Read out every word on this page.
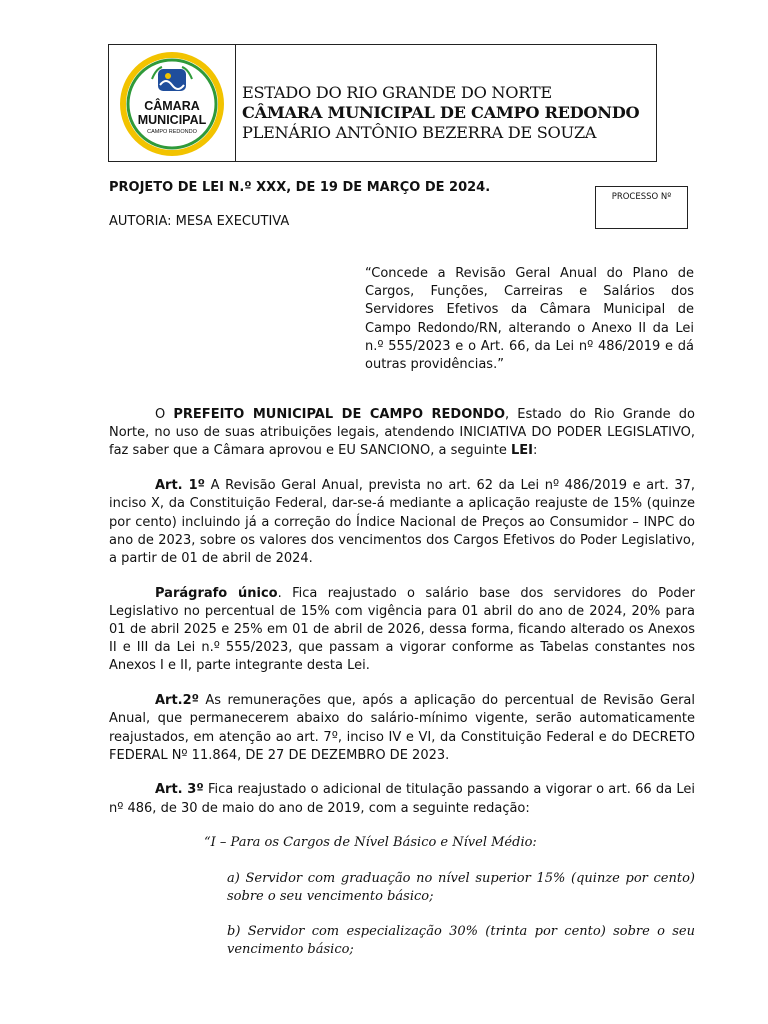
CÂMARA
MUNICIPAL
CAMPO REDONDO
ESTADO DO RIO GRANDE DO NORTE
CÂMARA MUNICIPAL DE CAMPO REDONDO
PLENÁRIO ANTÔNIO BEZERRA DE SOUZA
PROJETO DE LEI N.º XXX, DE 19 DE MARÇO DE 2024.
PROCESSO Nº
AUTORIA: MESA EXECUTIVA
“Concede a Revisão Geral Anual do Plano de Cargos, Funções, Carreiras e Salários dos Servidores Efetivos da Câmara Municipal de Campo Redondo/RN, alterando o Anexo II da Lei n.º 555/2023 e o Art. 66, da Lei nº 486/2019 e dá outras providências.”

O PREFEITO MUNICIPAL DE CAMPO REDONDO, Estado do Rio Grande do Norte, no uso de suas atribuições legais, atendendo INICIATIVA DO PODER LEGISLATIVO, faz saber que a Câmara aprovou e EU SANCIONO, a seguinte LEI:

Art. 1º A Revisão Geral Anual, prevista no art. 62 da Lei nº 486/2019 e art. 37, inciso X, da Constituição Federal, dar-se-á mediante a aplicação reajuste de 15% (quinze por cento) incluindo já a correção do Índice Nacional de Preços ao Consumidor – INPC do ano de 2023, sobre os valores dos vencimentos dos Cargos Efetivos do Poder Legislativo, a partir de 01 de abril de 2024.

Parágrafo único. Fica reajustado o salário base dos servidores do Poder Legislativo no percentual de 15% com vigência para 01 abril do ano de 2024, 20% para 01 de abril 2025 e 25% em 01 de abril de 2026, dessa forma, ficando alterado os Anexos II e III da Lei n.º 555/2023, que passam a vigorar conforme as Tabelas constantes nos Anexos I e II, parte integrante desta Lei.

Art.2º As remunerações que, após a aplicação do percentual de Revisão Geral Anual, que permanecerem abaixo do salário-mínimo vigente, serão automaticamente reajustados, em atenção ao art. 7º, inciso IV e VI, da Constituição Federal e do DECRETO FEDERAL Nº 11.864, DE 27 DE DEZEMBRO DE 2023.

Art. 3º Fica reajustado o adicional de titulação passando a vigorar o art. 66 da Lei nº 486, de 30 de maio do ano de 2019, com a seguinte redação:

“I – Para os Cargos de Nível Básico e Nível Médio:

a) Servidor com graduação no nível superior 15% (quinze por cento) sobre o seu vencimento básico;

b) Servidor com especialização 30% (trinta por cento) sobre o seu vencimento básico;
